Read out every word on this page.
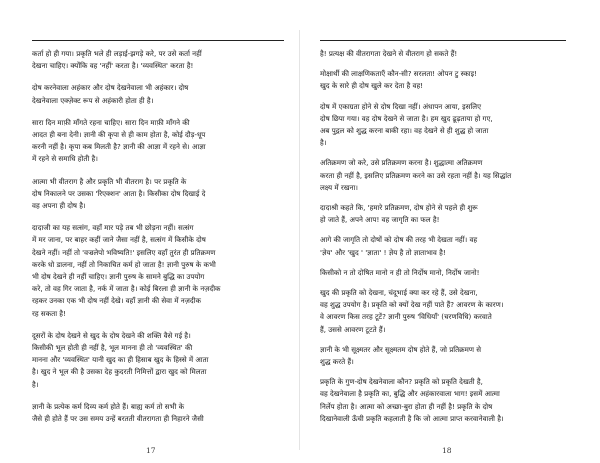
कर्ता हो ही गया। प्रकृति भले ही लड़ाई-झगड़े करे, पर उसे कर्ता नहीं
देखना चाहिए। क्योंकि वह 'नहीं' करता है। 'व्यवस्थित' करता है!

दोष करनेवाला अहंकार और दोष देखनेवाला भी अहंकार। दोष
देखनेवाला एक्ज़ेक्ट रूप से अहंकारी होता ही है।

सारा दिन माफ़ी माँगते रहना चाहिए। सारा दिन माफ़ी माँगने की
आदत ही बना देनी। ज्ञानी की कृपा से ही काम होता है, कोई दौड़-धूप
करनी नहीं है। कृपा कब मिलती है? ज्ञानी की आज्ञा में रहने से। आज्ञा
में रहने से समाधि होती है।

आत्मा भी वीतराग है और प्रकृति भी वीतराग है। पर प्रकृति के
दोष निकालने पर उसका 'रिएक्शन' आता है। किसीका दोष दिखाई दे
वह अपना ही दोष है।

दादाजी का यह सत्संग, वहाँ मार पड़े तब भी छोड़ना नहीं। सत्संग
में मर जाना, पर बाहर कहीं जाने जैसा नहीं है, सत्संग में किसीके दोष
देखने नहीं। नहीं तो 'वज्रलेपो भविष्यति!' इसलिए वहाँ तुरंत ही प्रतिक्रमण
करके धो डालना, नहीं तो निकाचित कर्म हो जाता है! ज्ञानी पुरुष के कभी
भी दोष देखने ही नहीं चाहिए। ज्ञानी पुरुष के सामने बुद्धि का उपयोग
करे, तो वह गिर जाता है, नर्क में जाता है। कोई बिरला ही ज्ञानी के नज़दीक
रहकर उनका एक भी दोष नहीं देखे। वहाँ ज्ञानी की सेवा में नज़दीक
रह सकता है!

दूसरों के दोष देखने से खुद के दोष देखने की शक्ति वैसे गई है।
किसीकी भूल होती ही नहीं है, भूल मानना ही तो 'व्यवस्थित' की
मानना और 'व्यवस्थित' यानी खुद का ही हिसाब खुद के हिस्से में आता
है। खुद ने भूल की है उसका देह कुदरती निमित्तों द्वारा खुद को मिलता
है।

ज्ञानी के प्रत्येक कर्म दिव्य कर्म होते हैं। बाह्य कर्म तो सभी के
जैसे ही होते हैं पर उस समय उन्हें बरतती वीतरागता ही निहारने जैसी

है! प्रत्यक्ष की वीतरागता देखने से वीतराग हो सकते हैं!

मोक्षार्थी की लाक्षणिकताएँ कौन-सी? सरलता! ओपन टु स्काइ!
खुद के सारे ही दोष खुले कर देता है वह!

दोष में एकाग्रता होने से दोष दिखा नहीं। अंधापन आया, इसलिए
दोष छिपा गया। वह दोष देखने से जाता है। हम खुद ढूढ़ताया हो गए,
अब पुद्गल को शुद्ध करना बाकी रहा। वह देखने से ही शुद्ध हो जाता
है।

अतिक्रमण जो करे, उसे प्रतिक्रमण करना है। शुद्धात्मा अतिक्रमण
करता ही नहीं है, इसलिए प्रतिक्रमण करने का उसे रहता नहीं है। यह सिद्धांत
लक्ष्य में रखना।

दादाश्री कहते कि, 'हमारे प्रतिक्रमण, दोष होने से पहले ही शुरू
हो जाते हैं, अपने आप! वह जागृति का फल है!

आगे की जागृति तो दोषों को दोष की तरह भी देखता नहीं। वह
'ज्ञेय' और 'खुद ' 'ज्ञाता' ! ज्ञेय है तो ज्ञाताभाव है!

किसीको न तो दोषित मानो न ही तो निर्दोष मानो, निर्दोष जानो!

खुद की प्रकृति को देखना, चंदूभाई क्या कर रहे हैं, उसे देखना,
वह शुद्ध उपयोग है। प्रकृति को क्यों देख नहीं पाते हैं? आवरण के कारण।
वे आवरण किस तरह टूटें? ज्ञानी पुरुष 'विधियाँ' (चरणविधि) करवाते
हैं, उससे आवरण टूटते हैं।

ज्ञानी के भी सूक्ष्मतर और सूक्ष्मतम दोष होते हैं, जो प्रतिक्रमण से
शुद्ध करते हैं।

प्रकृति के गुण-दोष देखनेवाला कौन? प्रकृति को प्रकृति देखती है,
वह देखनेवाला है प्रकृति का, बुद्धि और अहंकारवाला भाग! इसमें आत्मा
निर्लेप होता है। आत्मा को अच्छा-बुरा होता ही नहीं है! प्रकृति के दोष
दिखानेवाली ऊँची प्रकृति कहलाती है कि जो आत्मा प्राप्त करवानेवाली है।

17	18
